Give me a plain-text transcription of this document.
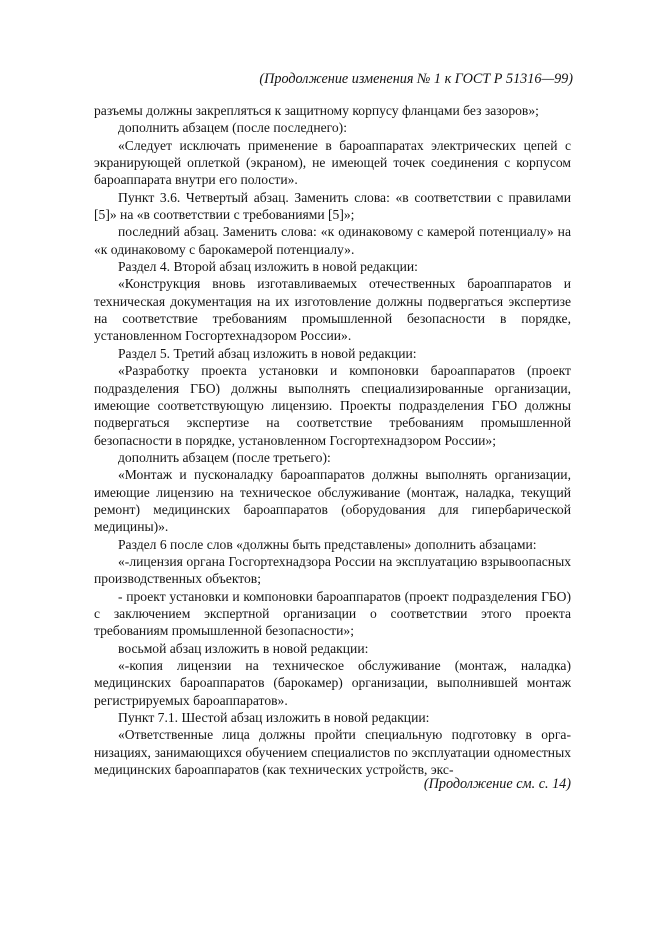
(Продолжение изменения № 1 к ГОСТ Р 51316—99)

разъемы должны закрепляться к защитному корпусу фланцами без зазоров»;

дополнить абзацем (после последнего):

«Следует исключать применение в бароаппаратах электрических цепей с экранирующей оплеткой (экраном), не имеющей точек соединения с корпусом бароаппарата внутри его полости».

Пункт 3.6. Четвертый абзац. Заменить слова: «в соответствии с правилами [5]» на «в соответствии с требованиями [5]»;

последний абзац. Заменить слова: «к одинаковому с камерой потенциалу» на «к одинаковому с барокамерой потенциалу».

Раздел 4. Второй абзац изложить в новой редакции:

«Конструкция вновь изготавливаемых отечественных бароаппаратов и техническая документация на их изготовление должны подвергаться экспертизе на соответствие требованиям промышленной безопасности в порядке, установленном Госгортехнадзором России».

Раздел 5. Третий абзац изложить в новой редакции:

«Разработку проекта установки и компоновки бароаппаратов (проект подразделения ГБО) должны выполнять специализированные организации, имеющие соответствующую лицензию. Проекты подразделения ГБО должны подвергаться экспертизе на соответствие требованиям промышленной безопасности в порядке, установленном Госгортехнадзором России»;

дополнить абзацем (после третьего):

«Монтаж и пусконаладку бароаппаратов должны выполнять организации, имеющие лицензию на техническое обслуживание (монтаж, наладка, текущий ремонт) медицинских бароаппаратов (оборудования для гипербарической медицины)».

Раздел 6 после слов «должны быть представлены» дополнить абзацами:

«-лицензия органа Госгортехнадзора России на эксплуатацию взрывоопасных производственных объектов;

- проект установки и компоновки бароаппаратов (проект подразделения ГБО) с заключением экспертной организации о соответствии этого проекта требованиям промышленной безопасности»;

восьмой абзац изложить в новой редакции:

«-копия лицензии на техническое обслуживание (монтаж, наладка) медицинских бароаппаратов (барокамер) организации, выполнившей монтаж регистрируемых бароаппаратов».

Пункт 7.1. Шестой абзац изложить в новой редакции:

«Ответственные лица должны пройти специальную подготовку в организациях, занимающихся обучением специалистов по эксплуатации одноместных медицинских бароаппаратов (как технических устройств, экс-

(Продолжение см. с. 14)
